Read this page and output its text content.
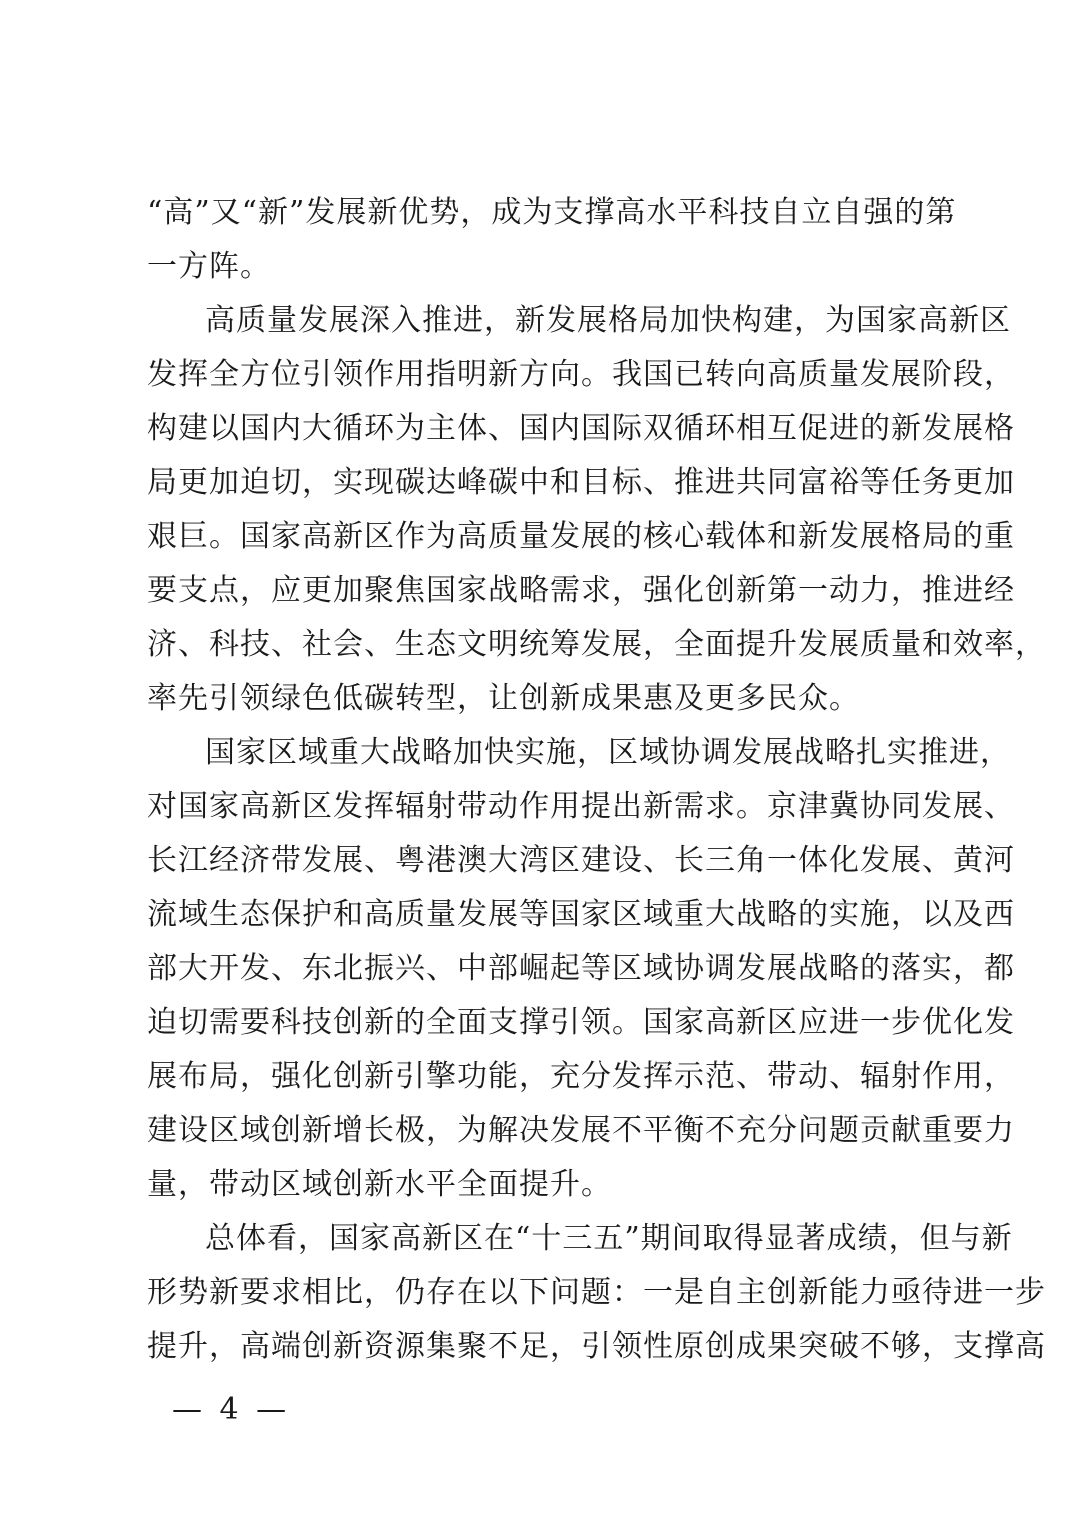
“高”又“新”发展新优势，成为支撑高水平科技自立自强的第
一方阵。
高质量发展深入推进，新发展格局加快构建，为国家高新区
发挥全方位引领作用指明新方向。我国已转向高质量发展阶段，
构建以国内大循环为主体、国内国际双循环相互促进的新发展格
局更加迫切，实现碳达峰碳中和目标、推进共同富裕等任务更加
艰巨。国家高新区作为高质量发展的核心载体和新发展格局的重
要支点，应更加聚焦国家战略需求，强化创新第一动力，推进经
济、科技、社会、生态文明统筹发展，全面提升发展质量和效率，
率先引领绿色低碳转型，让创新成果惠及更多民众。
国家区域重大战略加快实施，区域协调发展战略扎实推进，
对国家高新区发挥辐射带动作用提出新需求。京津冀协同发展、
长江经济带发展、粤港澳大湾区建设、长三角一体化发展、黄河
流域生态保护和高质量发展等国家区域重大战略的实施，以及西
部大开发、东北振兴、中部崛起等区域协调发展战略的落实，都
迫切需要科技创新的全面支撑引领。国家高新区应进一步优化发
展布局，强化创新引擎功能，充分发挥示范、带动、辐射作用，
建设区域创新增长极，为解决发展不平衡不充分问题贡献重要力
量，带动区域创新水平全面提升。
总体看，国家高新区在“十三五”期间取得显著成绩，但与新
形势新要求相比，仍存在以下问题：一是自主创新能力亟待进一步
提升，高端创新资源集聚不足，引领性原创成果突破不够，支撑高
— 4 —
